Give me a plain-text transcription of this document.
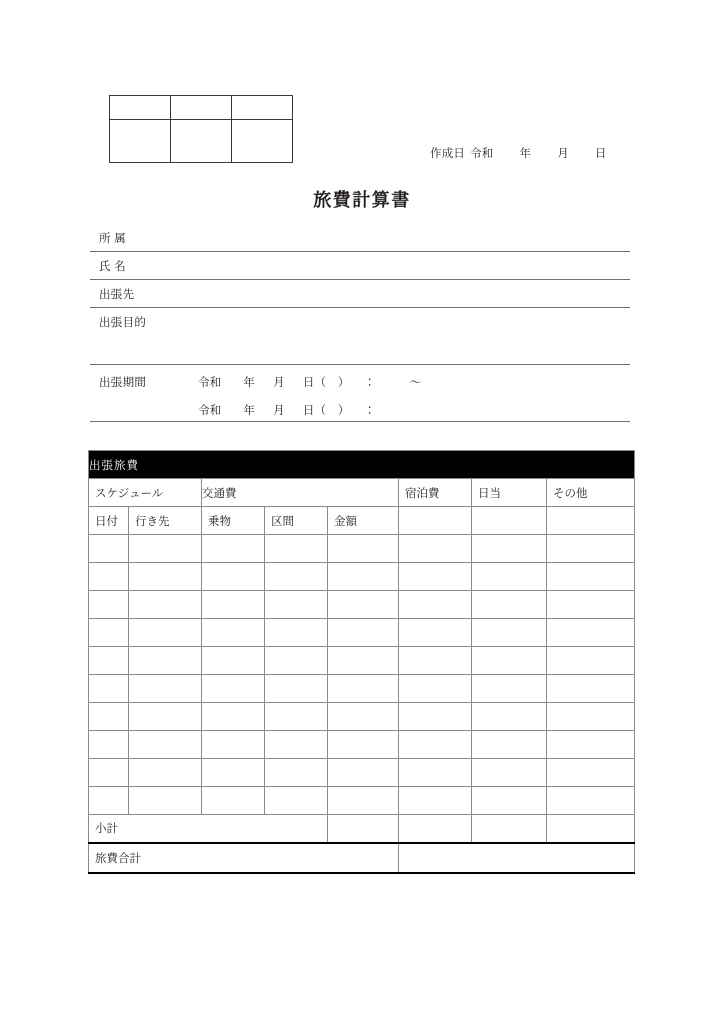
作成日 令和 年 月 日
旅費計算書
所 属
氏 名
出張先
出張目的
出張期間	令和 年 月 日（　） ：	〜
令和 年 月 日（　） ：
出張旅費							
スケジュール		交通費			宿泊費	日当	その他
日付	行き先	乗物	区間	金額			

小計							
旅費合計							
